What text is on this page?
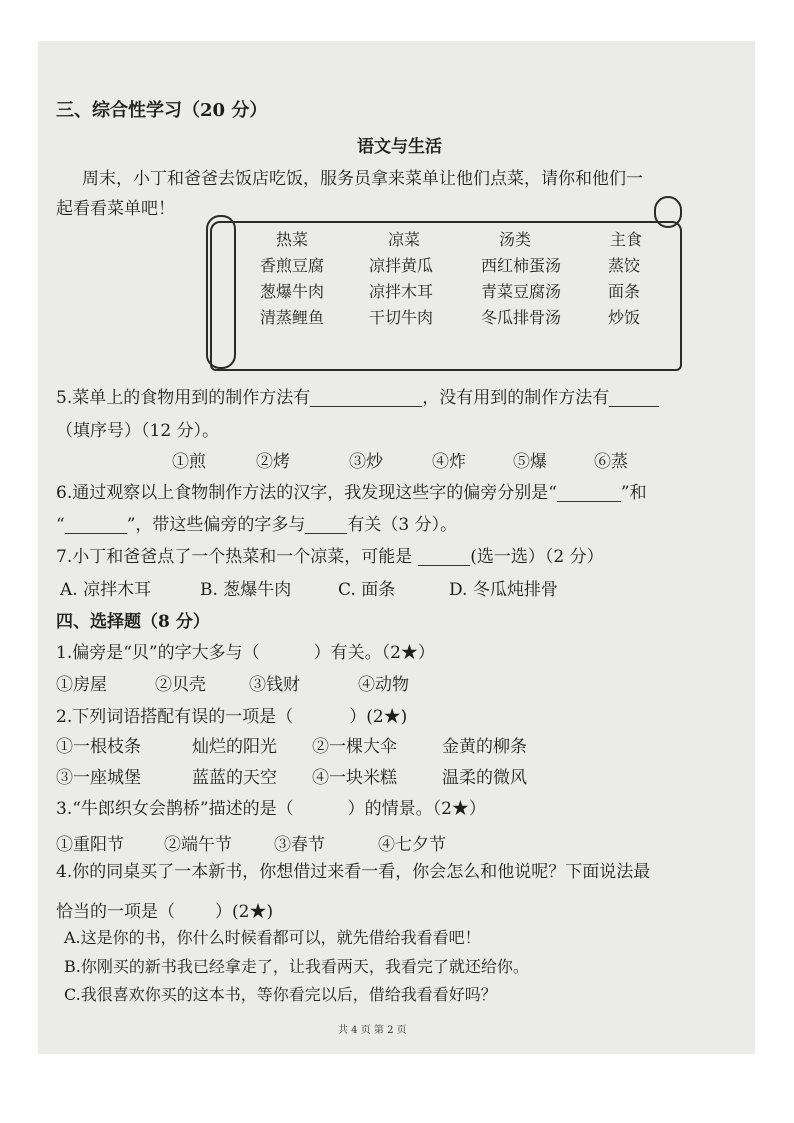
三、综合性学习（20 分）
语文与生活
周末，小丁和爸爸去饭店吃饭，服务员拿来菜单让他们点菜，请你和他们一
起看看菜单吧！
热菜	凉菜	汤类	主食
香煎豆腐	凉拌黄瓜	西红柿蛋汤	蒸饺
葱爆牛肉	凉拌木耳	青菜豆腐汤	面条
清蒸鲤鱼	干切牛肉	冬瓜排骨汤	炒饭
5.菜单上的食物用到的制作方法有	，没有用到的制作方法有
（填序号）（12 分）。
①煎	②烤	③炒	④炸	⑤爆	⑥蒸
6.通过观察以上食物制作方法的汉字，我发现这些字的偏旁分别是“	”和
“	”，带这些偏旁的字多与 有关（3 分）。
7.小丁和爸爸点了一个热菜和一个凉菜，可能是	(选一选）（2 分）
A. 凉拌木耳	B. 葱爆牛肉	C. 面条	D. 冬瓜炖排骨
四、选择题（8 分）
1.偏旁是“贝”的字大多与（	）有关。（2★）
①房屋	②贝壳	③钱财	④动物
2.下列词语搭配有误的一项是（	）(2★)
①一根枝条	灿烂的阳光 ②一棵大伞	金黄的柳条
③一座城堡	蓝蓝的天空 ④一块米糕	温柔的微风
3.“牛郎织女会鹊桥”描述的是（	）的情景。（2★）
①重阳节 ②端午节 ③春节	④七夕节
4.你的同桌买了一本新书，你想借过来看一看，你会怎么和他说呢？下面说法最
恰当的一项是（ ）(2★)
A.这是你的书，你什么时候看都可以，就先借给我看看吧！
B.你刚买的新书我已经拿走了，让我看两天，我看完了就还给你。
C.我很喜欢你买的这本书，等你看完以后，借给我看看好吗？
共 4 页 第 2 页
